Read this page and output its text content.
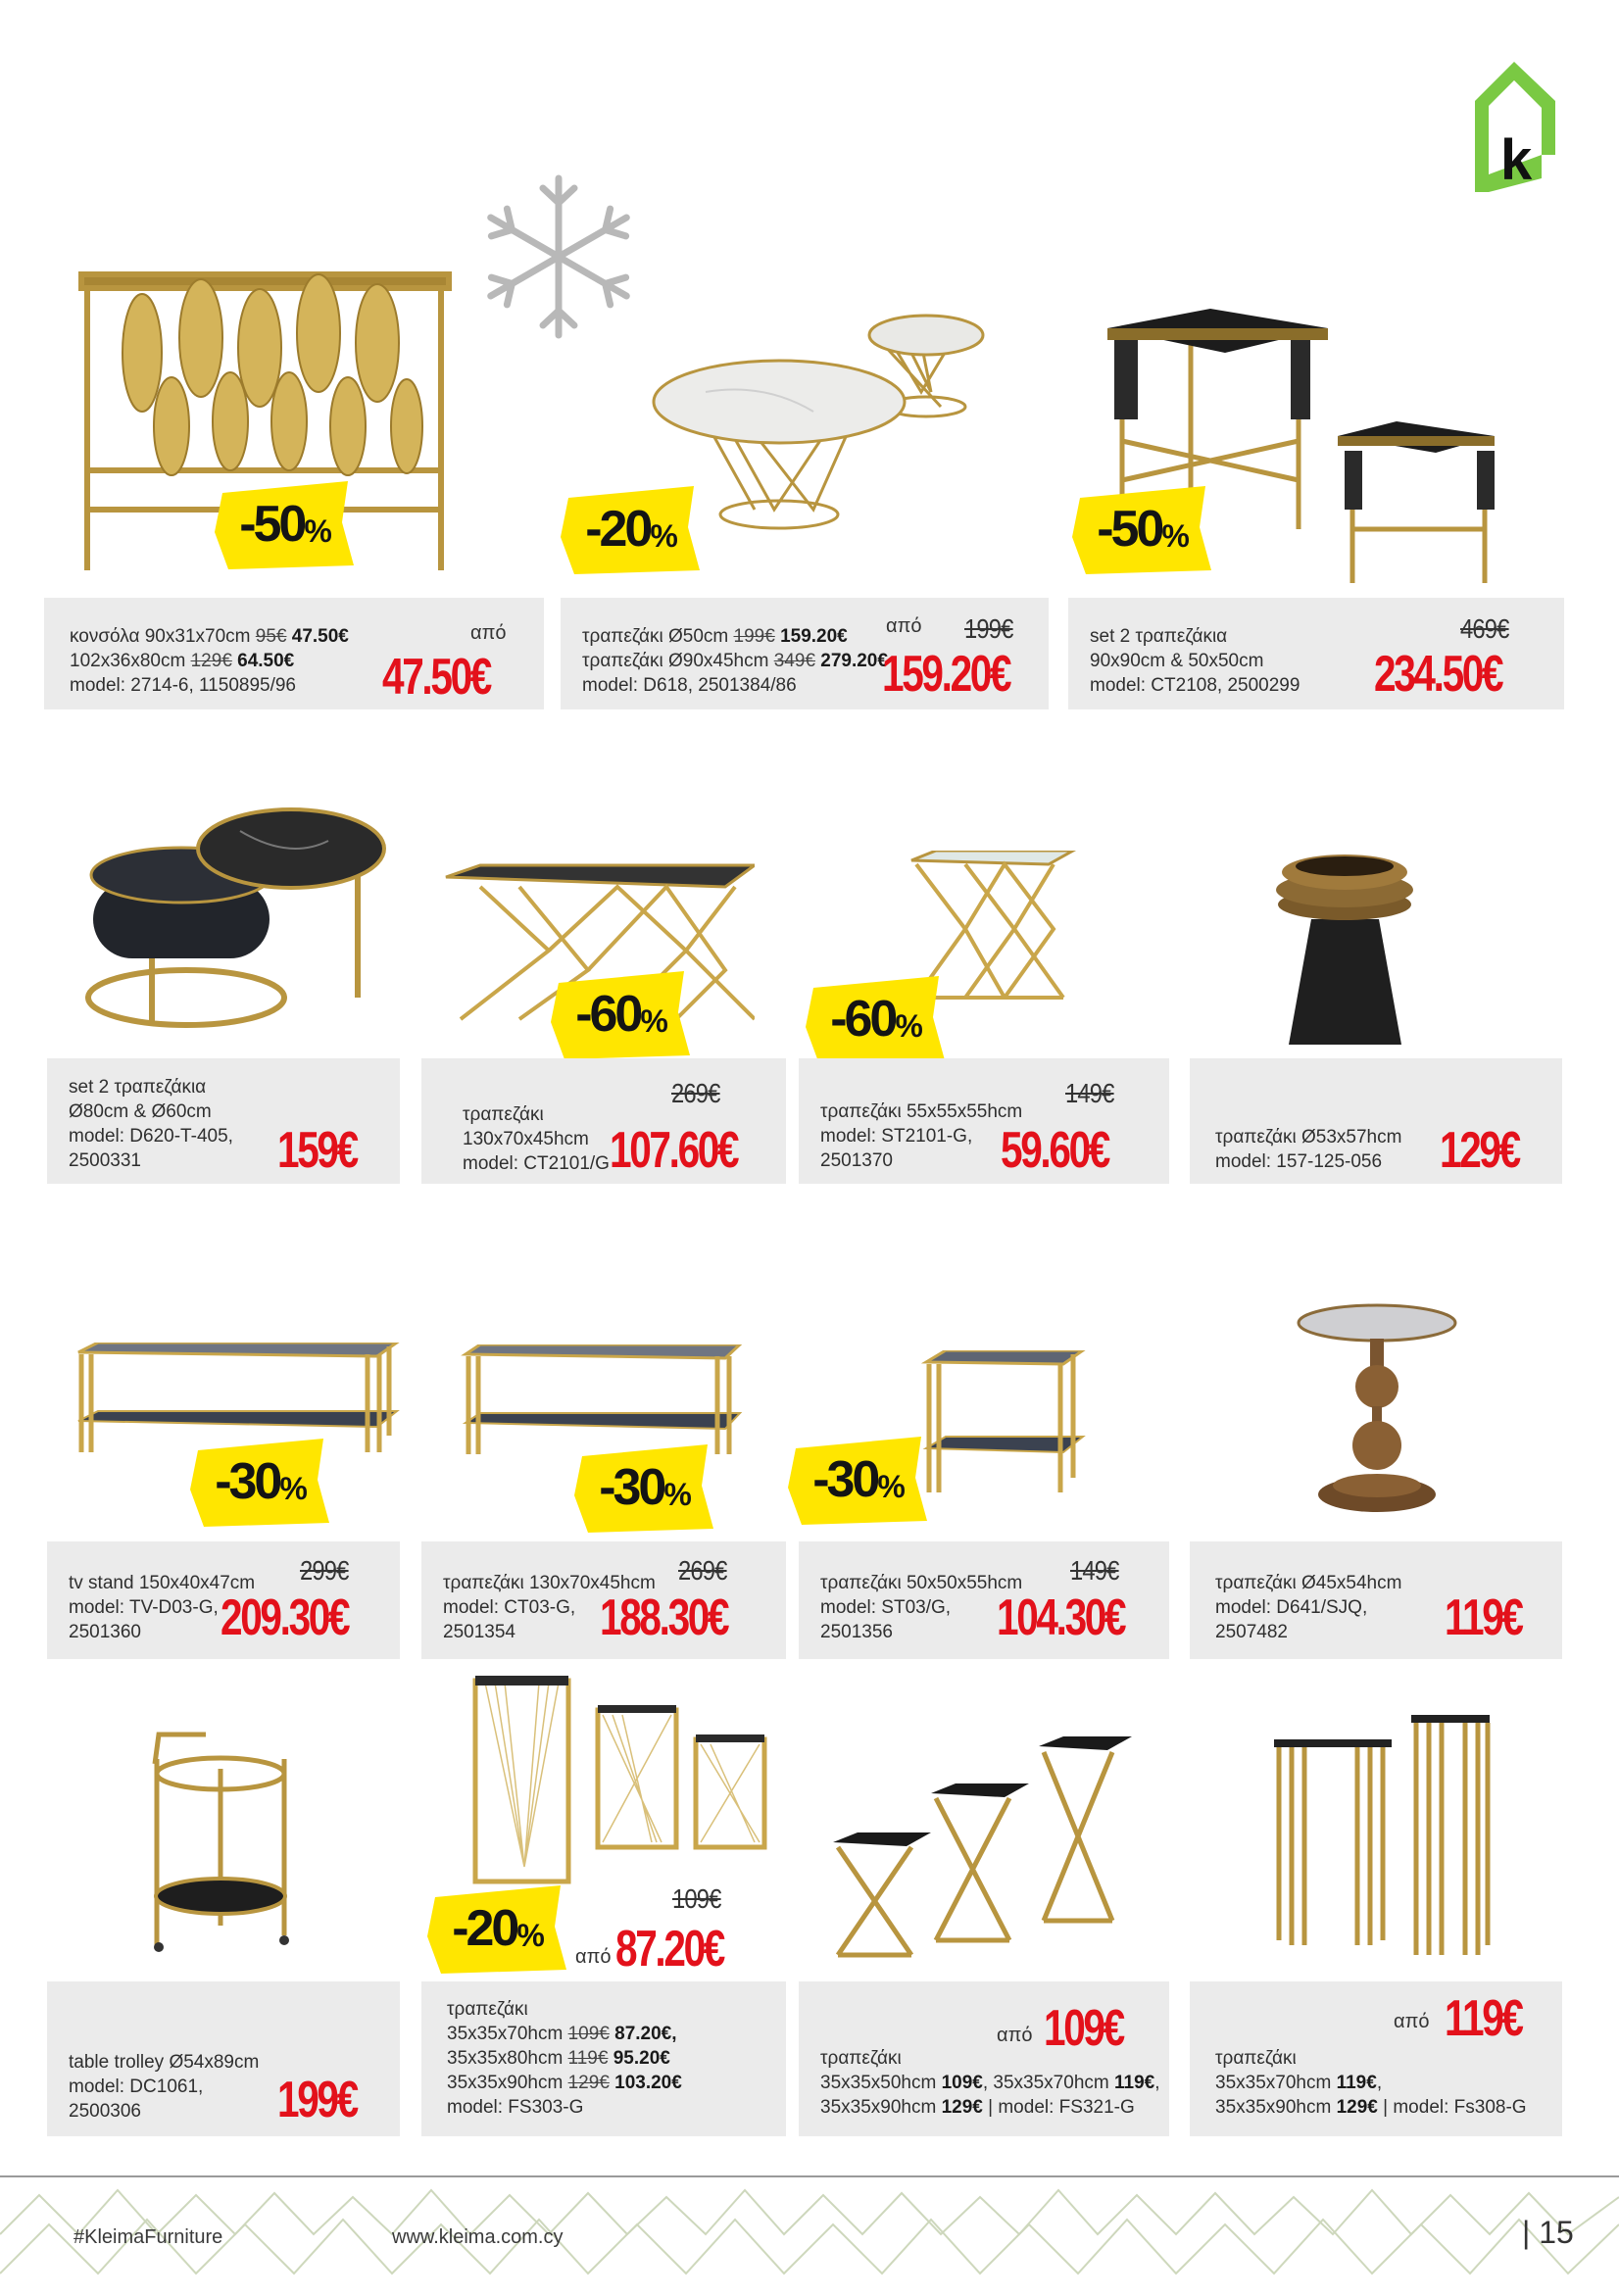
k
-50 %	-20 %	-50 %
κονσόλα 90x31x70cm 95€ 47.50€
102x36x80cm 129€ 64.50€
model: 2714-6, 1150895/96
από
47.50€
τραπεζάκι Ø50cm 199€ 159.20€
τραπεζάκι Ø90x45hcm 349€ 279.20€
model: D618, 2501384/86
από 199€
159.20€
set 2 τραπεζάκια
90x90cm & 50x50cm
model: CT2108, 2500299
469€
234.50€
-60 %	-60 %
set 2 τραπεζάκια
Ø80cm & Ø60cm
model: D620-T-405,
2500331	159€
τραπεζάκι
130x70x45hcm
model: CT2101/G
269€
107.60€
τραπεζάκι 55x55x55hcm
model: ST2101-G,
2501370
149€
59.60€	τραπεζάκι Ø53x57hcm
model: 157-125-056	129€
-30 %	-30 % -30 %
tv stand 150x40x47cm
model: TV-D03-G,
2501360
299€
209.30€
τραπεζάκι 130x70x45hcm
model: CT03-G,
2501354
269€
188.30€
τραπεζάκι 50x50x55hcm
model: ST03/G,
2501356
149€
104.30€
τραπεζάκι Ø45x54hcm
model: D641/SJQ,
2507482	119€
-20 %
109€
από 87.20€
table trolley Ø54x89cm
model: DC1061,
2500306	199€
τραπεζάκι
35x35x70hcm 109€ 87.20€,
35x35x80hcm 119€ 95.20€
35x35x90hcm 129€ 103.20€
model: FS303-G
από 109€
τραπεζάκι
35x35x50hcm 109€, 35x35x70hcm 119€,
35x35x90hcm 129€ | model: FS321-G
από 119€
τραπεζάκι
35x35x70hcm 119€,
35x35x90hcm 129€ | model: Fs308-G
#KleimaFurniture	www.kleima.com.cy	| 15
